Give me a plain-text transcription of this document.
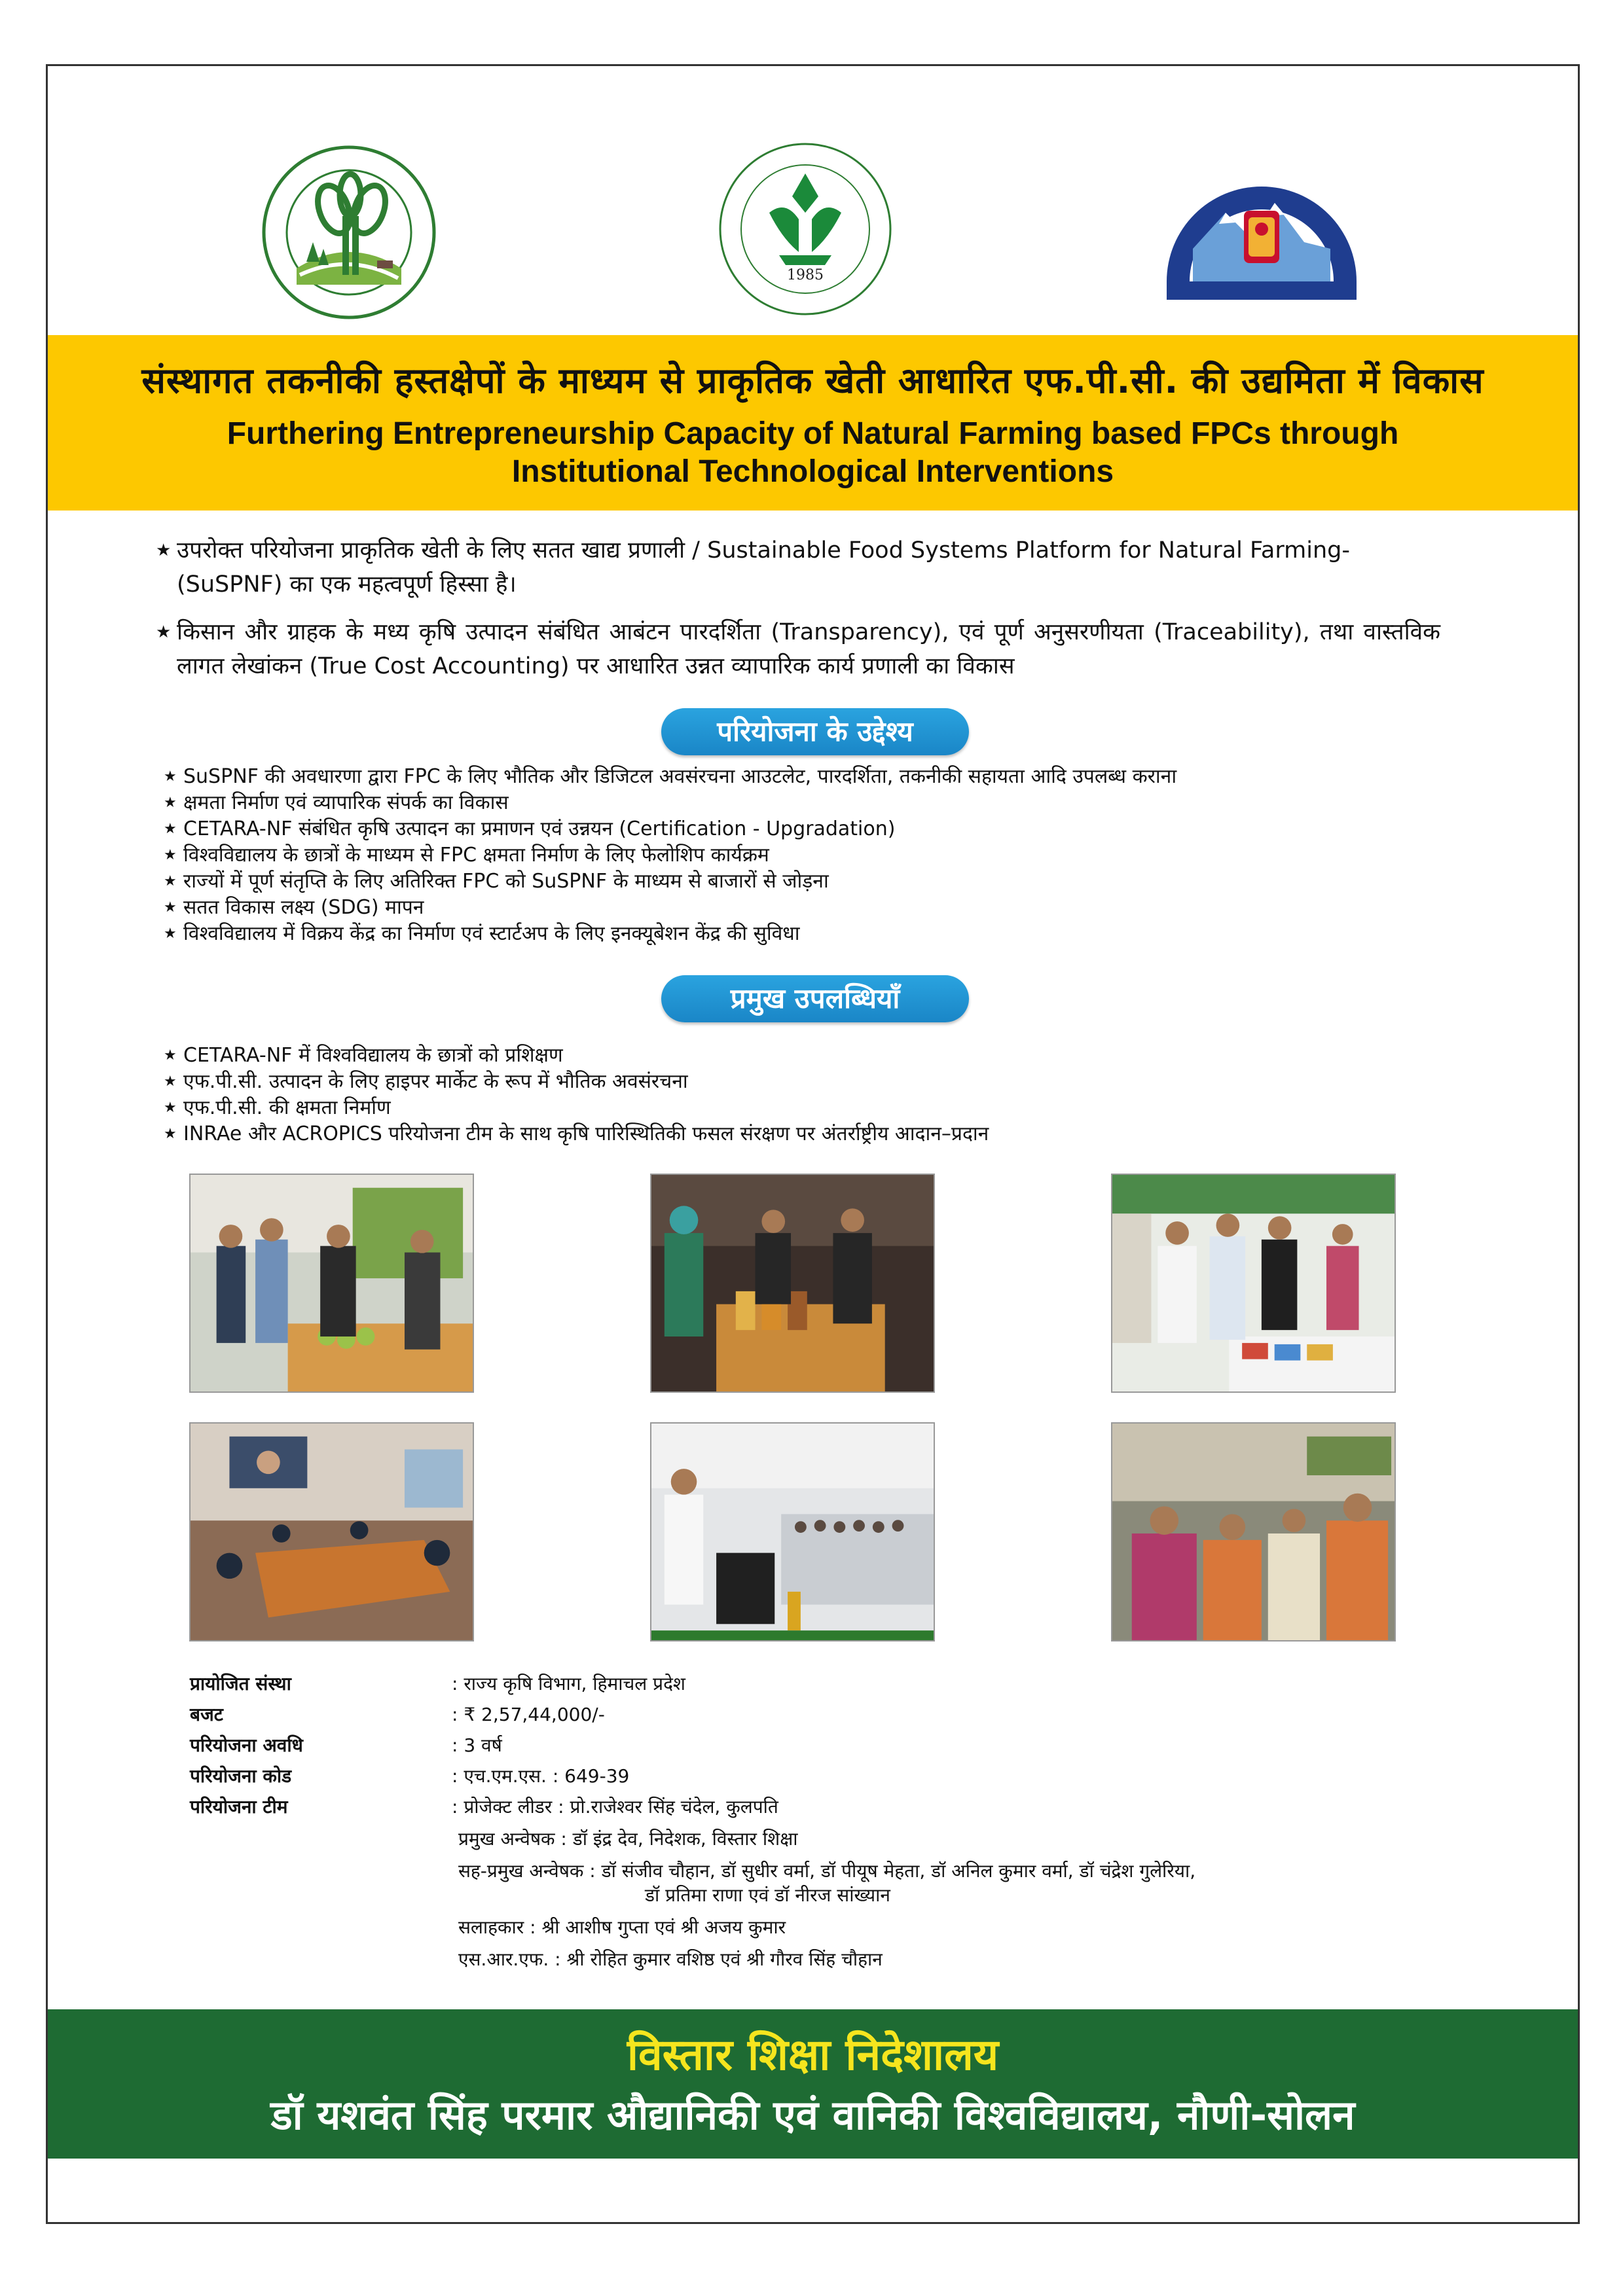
1985
संस्थागत तकनीकी हस्तक्षेपों के माध्यम से प्राकृतिक खेती आधारित एफ.पी.सी. की उद्यमिता में विकास
Furthering Entrepreneurship Capacity of Natural Farming based FPCs through Institutional Technological Interventions
★ उपरोक्त परियोजना प्राकृतिक खेती के लिए सतत खाद्य प्रणाली / Sustainable Food Systems Platform for Natural Farming-(SuSPNF) का एक महत्वपूर्ण हिस्सा है।
★ किसान और ग्राहक के मध्य कृषि उत्पादन संबंधित आबंटन पारदर्शिता (Transparency), एवं पूर्ण अनुसरणीयता (Traceability), तथा वास्तविक लागत लेखांकन (True Cost Accounting) पर आधारित उन्नत व्यापारिक कार्य प्रणाली का विकास
परियोजना के उद्देश्य
★ SuSPNF की अवधारणा द्वारा FPC के लिए भौतिक और डिजिटल अवसंरचना आउटलेट, पारदर्शिता, तकनीकी सहायता आदि उपलब्ध कराना
★ क्षमता निर्माण एवं व्यापारिक संपर्क का विकास
★ CETARA-NF संबंधित कृषि उत्पादन का प्रमाणन एवं उन्नयन (Certification - Upgradation)
★ विश्वविद्यालय के छात्रों के माध्यम से FPC क्षमता निर्माण के लिए फेलोशिप कार्यक्रम
★ राज्यों में पूर्ण संतृप्ति के लिए अतिरिक्त FPC को SuSPNF के माध्यम से बाजारों से जोड़ना
★ सतत विकास लक्ष्य (SDG) मापन
★ विश्वविद्यालय में विक्रय केंद्र का निर्माण एवं स्टार्टअप के लिए इनक्यूबेशन केंद्र की सुविधा
प्रमुख उपलब्धियाँ
★ CETARA-NF में विश्वविद्यालय के छात्रों को प्रशिक्षण
★ एफ.पी.सी. उत्पादन के लिए हाइपर मार्केट के रूप में भौतिक अवसंरचना
★ एफ.पी.सी. की क्षमता निर्माण
★ INRAe और ACROPICS परियोजना टीम के साथ कृषि पारिस्थितिकी फसल संरक्षण पर अंतर्राष्ट्रीय आदान–प्रदान
प्रायोजित संस्था	: राज्य कृषि विभाग, हिमाचल प्रदेश
बजट	: ₹ 2,57,44,000/-
परियोजना अवधि	: 3 वर्ष
परियोजना कोड	: एच.एम.एस. : 649-39
परियोजना टीम	: प्रोजेक्ट लीडर : प्रो.राजेश्वर सिंह चंदेल, कुलपति
प्रमुख अन्वेषक : डॉ इंद्र देव, निदेशक, विस्तार शिक्षा
सह-प्रमुख अन्वेषक : डॉ संजीव चौहान, डॉ सुधीर वर्मा, डॉ पीयूष मेहता, डॉ अनिल कुमार वर्मा, डॉ चंद्रेश गुलेरिया,
डॉ प्रतिमा राणा एवं डॉ नीरज सांख्यान
सलाहकार : श्री आशीष गुप्ता एवं श्री अजय कुमार
एस.आर.एफ. : श्री रोहित कुमार वशिष्ठ एवं श्री गौरव सिंह चौहान
विस्तार शिक्षा निदेशालय
डॉ यशवंत सिंह परमार औद्यानिकी एवं वानिकी विश्वविद्यालय, नौणी-सोलन
